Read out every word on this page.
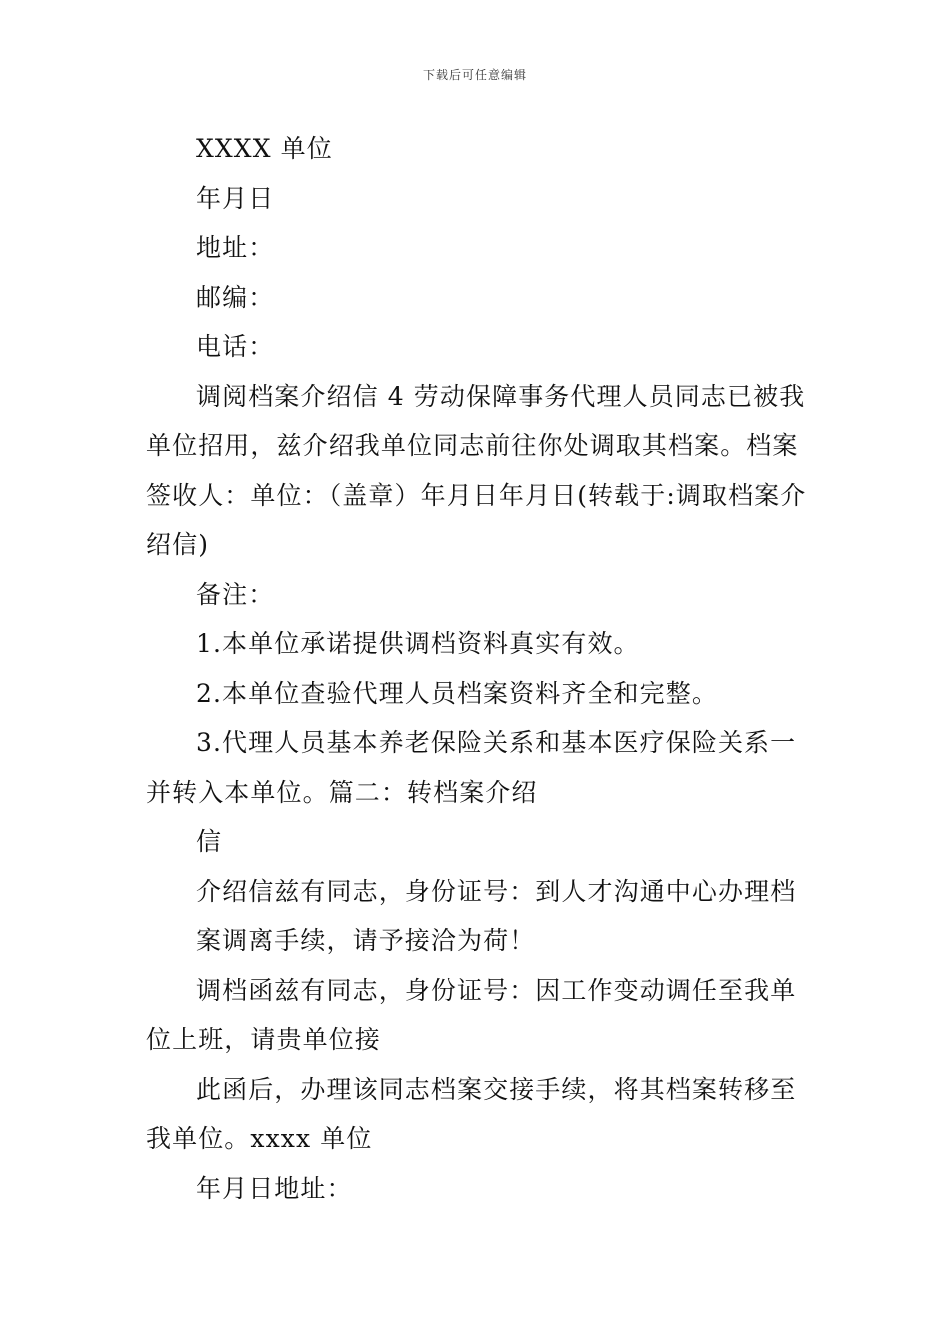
下载后可任意编辑

XXXX 单位

年月日

地址：

邮编：

电话：

调阅档案介绍信 4 劳动保障事务代理人员同志已被我单位招用，兹介绍我单位同志前往你处调取其档案。档案签收人：单位：（盖章）年月日年月日(转载于:调取档案介绍信)

备注：

1.本单位承诺提供调档资料真实有效。

2.本单位查验代理人员档案资料齐全和完整。

3.代理人员基本养老保险关系和基本医疗保险关系一并转入本单位。篇二：转档案介绍

信

介绍信兹有同志，身份证号：到人才沟通中心办理档

案调离手续，请予接洽为荷！

调档函兹有同志，身份证号：因工作变动调任至我单位上班，请贵单位接

此函后，办理该同志档案交接手续，将其档案转移至我单位。xxxx 单位

年月日地址：
